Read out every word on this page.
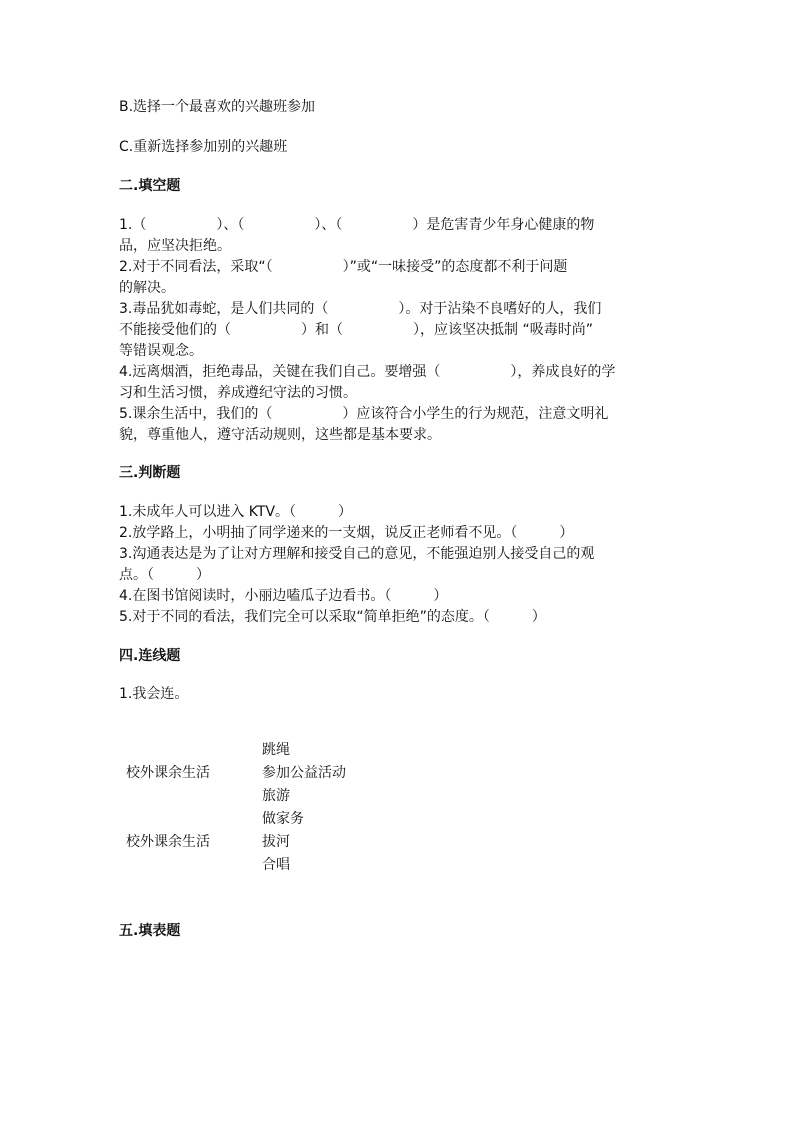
B.选择一个最喜欢的兴趣班参加
C.重新选择参加别的兴趣班
二.填空题
1.（　　　　　）、（　　　　　）、（　　　　　）是危害青少年身心健康的物
品，应坚决拒绝。
2.对于不同看法，采取“（　　　　　）”或“一味接受”的态度都不利于问题
的解决。
3.毒品犹如毒蛇，是人们共同的（　　　　　）。对于沾染不良嗜好的人，我们
不能接受他们的（　　　　　）和（　　　　　），应该坚决抵制 “吸毒时尚”
等错误观念。
4.远离烟酒，拒绝毒品，关键在我们自己。要增强（　　　　　），养成良好的学
习和生活习惯，养成遵纪守法的习惯。
5.课余生活中，我们的（　　　　　）应该符合小学生的行为规范，注意文明礼
貌，尊重他人，遵守活动规则，这些都是基本要求。
三.判断题
1.未成年人可以进入 KTV。（　　　）
2.放学路上，小明抽了同学递来的一支烟，说反正老师看不见。（　　　）
3.沟通表达是为了让对方理解和接受自己的意见，不能强迫别人接受自己的观
点。（　　　）
4.在图书馆阅读时，小丽边嗑瓜子边看书。（　　　）
5.对于不同的看法，我们完全可以采取“简单拒绝”的态度。（　　　）
四.连线题
1.我会连。
跳绳
校外课余生活	参加公益活动
旅游
做家务
校外课余生活	拔河
合唱
五.填表题
